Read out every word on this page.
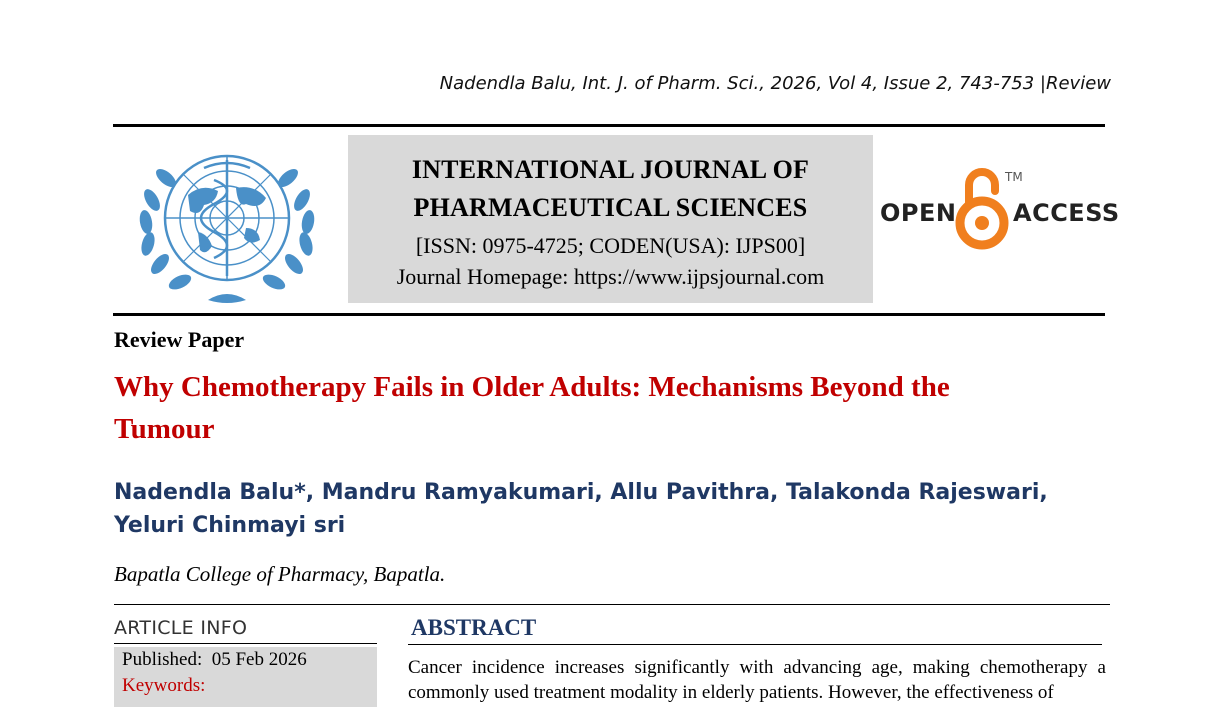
Nadendla Balu, Int. J. of Pharm. Sci., 2026, Vol 4, Issue 2, 743-753 |Review
INTERNATIONAL JOURNAL OF
PHARMACEUTICAL SCIENCES
[ISSN: 0975-4725; CODEN(USA): IJPS00]
Journal Homepage: https://www.ijpsjournal.com
OPEN
TM
ACCESS
Review Paper
Why Chemotherapy Fails in Older Adults: Mechanisms Beyond the
Tumour
Nadendla Balu*, Mandru Ramyakumari, Allu Pavithra, Talakonda Rajeswari,
Yeluri Chinmayi sri
Bapatla College of Pharmacy, Bapatla.
ARTICLE INFO
Published:  05 Feb 2026
Keywords:
ABSTRACT
Cancer incidence increases significantly with advancing age, making chemotherapy a commonly used treatment modality in elderly patients. However, the effectiveness of
